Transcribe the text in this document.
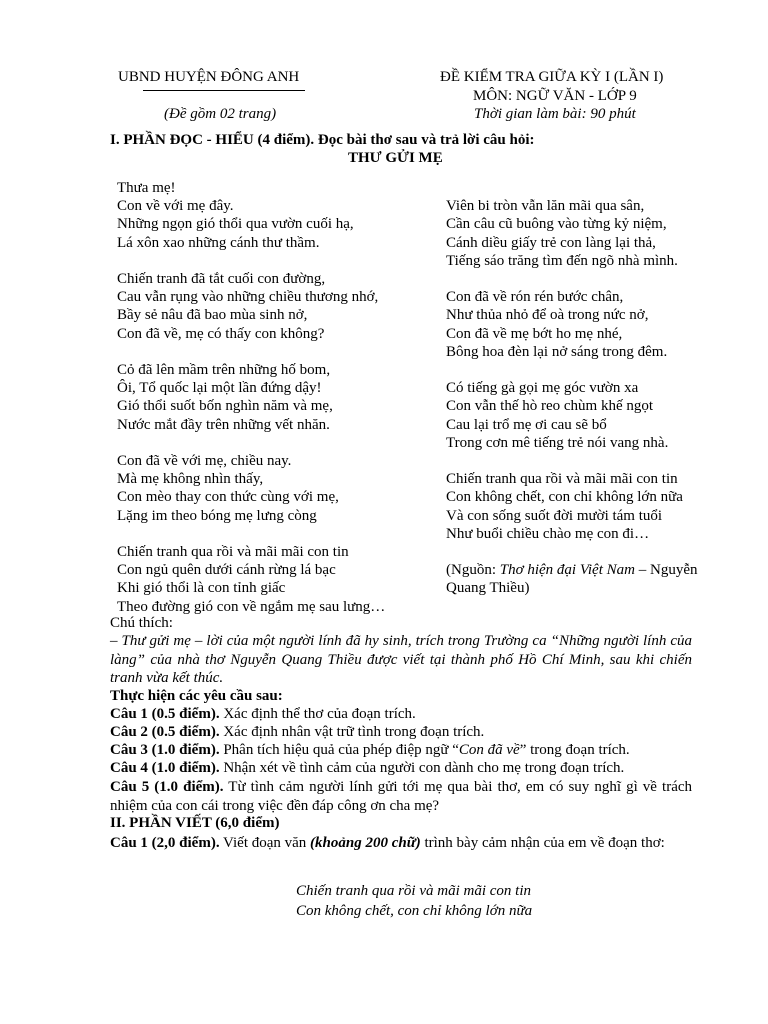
UBND HUYỆN ĐÔNG ANH
(Đề gồm 02 trang)
ĐỀ KIỂM TRA GIỮA KỲ I (LẦN I)
MÔN: NGỮ VĂN - LỚP 9
Thời gian làm bài: 90 phút
I. PHẦN ĐỌC - HIỂU (4 điểm). Đọc bài thơ sau và trả lời câu hỏi:
THƯ GỬI MẸ
Thưa mẹ!
Con về với mẹ đây.
Những ngọn gió thổi qua vườn cuối hạ,
Lá xôn xao những cánh thư thầm.

Chiến tranh đã tắt cuối con đường,
Cau vẫn rụng vào những chiều thương nhớ,
Bầy sẻ nâu đã bao mùa sinh nở,
Con đã về, mẹ có thấy con không?

Cỏ đã lên mầm trên những hố bom,
Ôi, Tổ quốc lại một lần đứng dậy!
Gió thổi suốt bốn nghìn năm và mẹ,
Nước mắt đầy trên những vết nhăn.

Con đã về với mẹ, chiều nay.
Mà mẹ không nhìn thấy,
Con mèo thay con thức cùng với mẹ,
Lặng im theo bóng mẹ lưng còng

Chiến tranh qua rồi và mãi mãi con tin
Con ngủ quên dưới cánh rừng lá bạc
Khi gió thổi là con tỉnh giấc
Theo đường gió con về ngắm mẹ sau lưng…

Viên bi tròn vẫn lăn mãi qua sân,
Cần câu cũ buông vào từng kỷ niệm,
Cánh diều giấy trẻ con làng lại thả,
Tiếng sáo trăng tìm đến ngõ nhà mình.

Con đã về rón rén bước chân,
Như thủa nhỏ để oà trong nức nở,
Con đã về mẹ bớt ho mẹ nhé,
Bông hoa đèn lại nở sáng trong đêm.

Có tiếng gà gọi mẹ góc vườn xa
Con vẫn thế hò reo chùm khế ngọt
Cau lại trổ mẹ ơi cau sẽ bổ
Trong cơn mê tiếng trẻ nói vang nhà.

Chiến tranh qua rồi và mãi mãi con tin
Con không chết, con chỉ không lớn nữa
Và con sống suốt đời mười tám tuổi
Như buổi chiều chào mẹ con đi…

(Nguồn: Thơ hiện đại Việt Nam – Nguyễn
Quang Thiều)
Chú thích:
– Thư gửi mẹ – lời của một người lính đã hy sinh, trích trong Trường ca “Những người lính của làng” của nhà thơ Nguyễn Quang Thiều được viết tại thành phố Hồ Chí Minh, sau khi chiến tranh vừa kết thúc.
Thực hiện các yêu cầu sau:
Câu 1 (0.5 điểm). Xác định thể thơ của đoạn trích.
Câu 2 (0.5 điểm). Xác định nhân vật trữ tình trong đoạn trích.
Câu 3 (1.0 điểm). Phân tích hiệu quả của phép điệp ngữ “Con đã về” trong đoạn trích.
Câu 4 (1.0 điểm). Nhận xét về tình cảm của người con dành cho mẹ trong đoạn trích.
Câu 5 (1.0 điểm). Từ tình cảm người lính gửi tới mẹ qua bài thơ, em có suy nghĩ gì về trách nhiệm của con cái trong việc đền đáp công ơn cha mẹ?
II. PHẦN VIẾT (6,0 điểm)
Câu 1 (2,0 điểm). Viết đoạn văn (khoảng 200 chữ) trình bày cảm nhận của em về đoạn thơ:
Chiến tranh qua rồi và mãi mãi con tin
Con không chết, con chỉ không lớn nữa
